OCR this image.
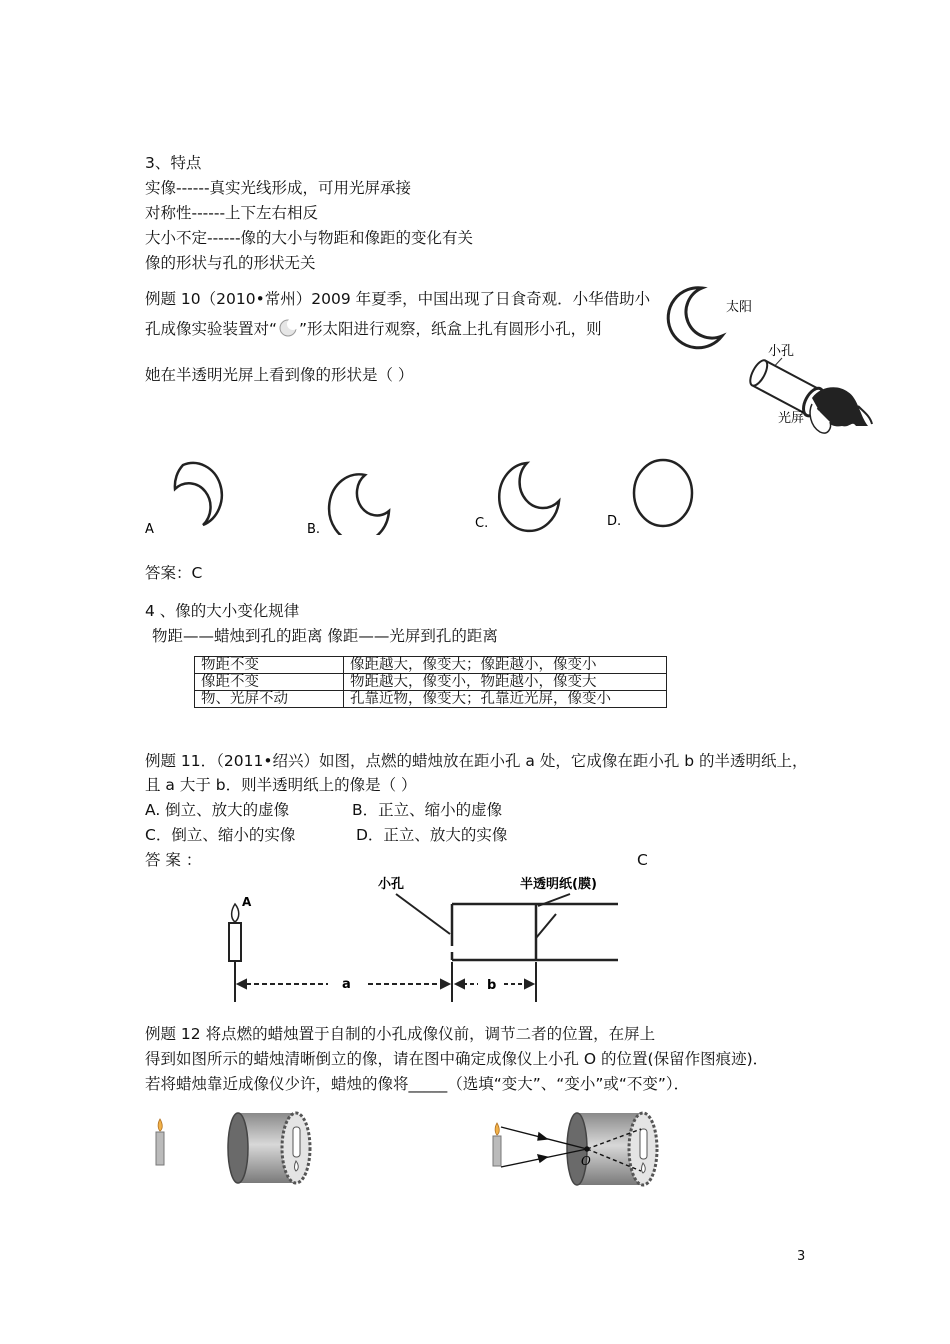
3、特点
实像------真实光线形成，可用光屏承接
对称性------上下左右相反
大小不定------像的大小与物距和像距的变化有关
像的形状与孔的形状无关
例题 10（2010•常州）2009 年夏季，中国出现了日食奇观．小华借助小
孔成像实验装置对“ ”形太阳进行观察，纸盒上扎有圆形小孔，则
她在半透明光屏上看到像的形状是（ ）
太阳
小孔
光屏
A	B.	C.	D.
答案：C
4 、像的大小变化规律
物距——蜡烛到孔的距离 像距——光屏到孔的距离
物距不变	像距越大，像变大；像距越小，像变小
像距不变	物距越大，像变小，物距越小，像变大
物、光屏不动	孔靠近物，像变大；孔靠近光屏，像变小
例题 11．（2011•绍兴）如图，点燃的蜡烛放在距小孔 a 处，它成像在距小孔 b 的半透明纸上，
且 a 大于 b．则半透明纸上的像是（ ）
A. 倒立、放大的虚像	B．正立、缩小的虚像
C．倒立、缩小的实像	D．正立、放大的实像
答 案 ：	C
A
小孔	半透明纸(膜)
a	b
例题 12 将点燃的蜡烛置于自制的小孔成像仪前，调节二者的位置，在屏上
得到如图所示的蜡烛清晰倒立的像，请在图中确定成像仪上小孔 O 的位置(保留作图痕迹)．
若将蜡烛靠近成像仪少许，蜡烛的像将_____（选填“变大”、“变小”或“不变”）．
O
3
